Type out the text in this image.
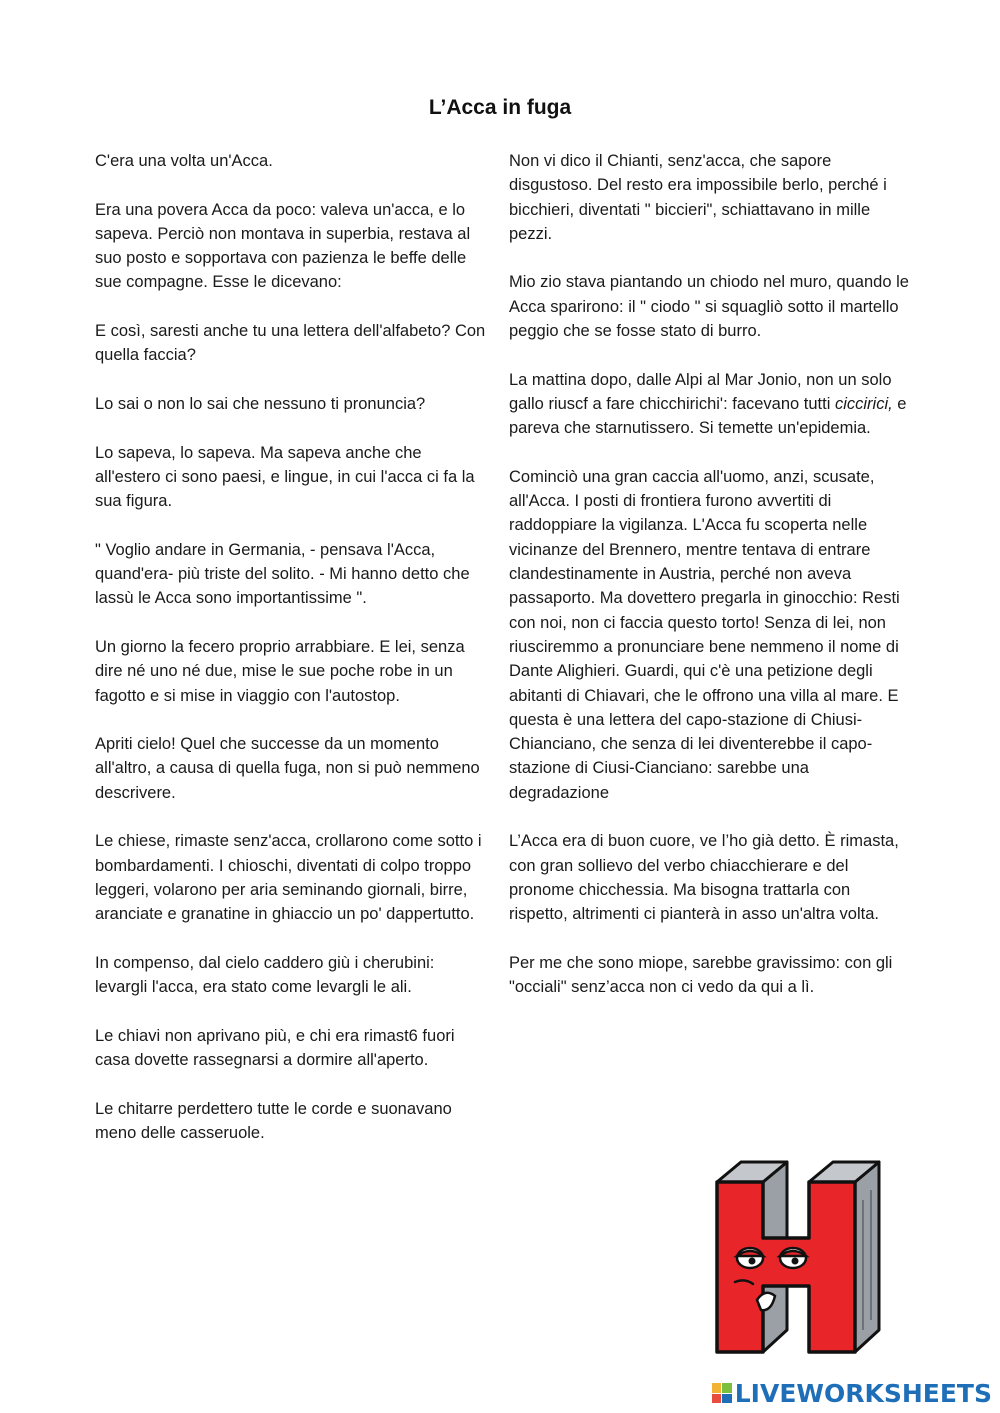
L’Acca in fuga

C'era una volta un'Acca.

Era una povera Acca da poco: valeva un'acca, e lo sapeva. Perciò non montava in superbia, restava al suo posto e sopportava con pazienza le beffe delle sue compagne. Esse le dicevano:

E così, saresti anche tu una lettera dell'alfabeto? Con quella faccia?

Lo sai o non lo sai che nessuno ti pronuncia?

Lo sapeva, lo sapeva. Ma sapeva anche che all'estero ci sono paesi, e lingue, in cui l'acca ci fa la sua figura.

" Voglio andare in Germania, - pensava l'Acca, quand'era- più triste del solito. - Mi hanno detto che lassù le Acca sono importantissime ".

Un giorno la fecero proprio arrabbiare. E lei, senza dire né uno né due, mise le sue poche robe in un fagotto e si mise in viaggio con l'autostop.

Apriti cielo! Quel che successe da un momento all'altro, a causa di quella fuga, non si può nemmeno descrivere.

Le chiese, rimaste senz'acca, crollarono come sotto i bombardamenti. I chioschi, diventati di colpo troppo leggeri, volarono per aria seminando giornali, birre, aranciate e granatine in ghiaccio un po' dappertutto.

In compenso, dal cielo caddero giù i cherubini: levargli l'acca, era stato come levargli le ali.

Le chiavi non aprivano più, e chi era rimast6 fuori casa dovette rassegnarsi a dormire all'aperto.

Le chitarre perdettero tutte le corde e suonavano meno delle casseruole.

Non vi dico il Chianti, senz'acca, che sapore disgustoso. Del resto era impossibile berlo, perché i bicchieri, diventati " biccieri", schiattavano in mille pezzi.

Mio zio stava piantando un chiodo nel muro, quando le Acca sparirono: il " ciodo " si squagliò sotto il martello peggio che se fosse stato di burro.

La mattina dopo, dalle Alpi al Mar Jonio, non un solo gallo riuscf a fare chicchirichi': facevano tutti ciccirici, e pareva che starnutissero. Si temette un'epidemia.

Cominciò una gran caccia all'uomo, anzi, scusate, all'Acca. I posti di frontiera furono avvertiti di raddoppiare la vigilanza. L'Acca fu scoperta nelle vicinanze del Brennero, mentre tentava di entrare clandestinamente in Austria, perché non aveva passaporto. Ma dovettero pregarla in ginocchio: Resti con noi, non ci faccia questo torto! Senza di lei, non riusciremmo a pronunciare bene nemmeno il nome di Dante Alighieri. Guardi, qui c'è una petizione degli abitanti di Chiavari, che le offrono una villa al mare. E questa è una lettera del capo-stazione di Chiusi-Chianciano, che senza di lei diventerebbe il capo-stazione di Ciusi-Cianciano: sarebbe una degradazione

L’Acca era di buon cuore, ve l’ho già detto. È rimasta, con gran sollievo del verbo chiacchierare e del pronome chicchessia. Ma bisogna trattarla con rispetto, altrimenti ci pianterà in asso un'altra volta.

Per me che sono miope, sarebbe gravissimo: con gli "occiali" senz’acca non ci vedo da qui a lì.

LIVEWORKSHEETS
